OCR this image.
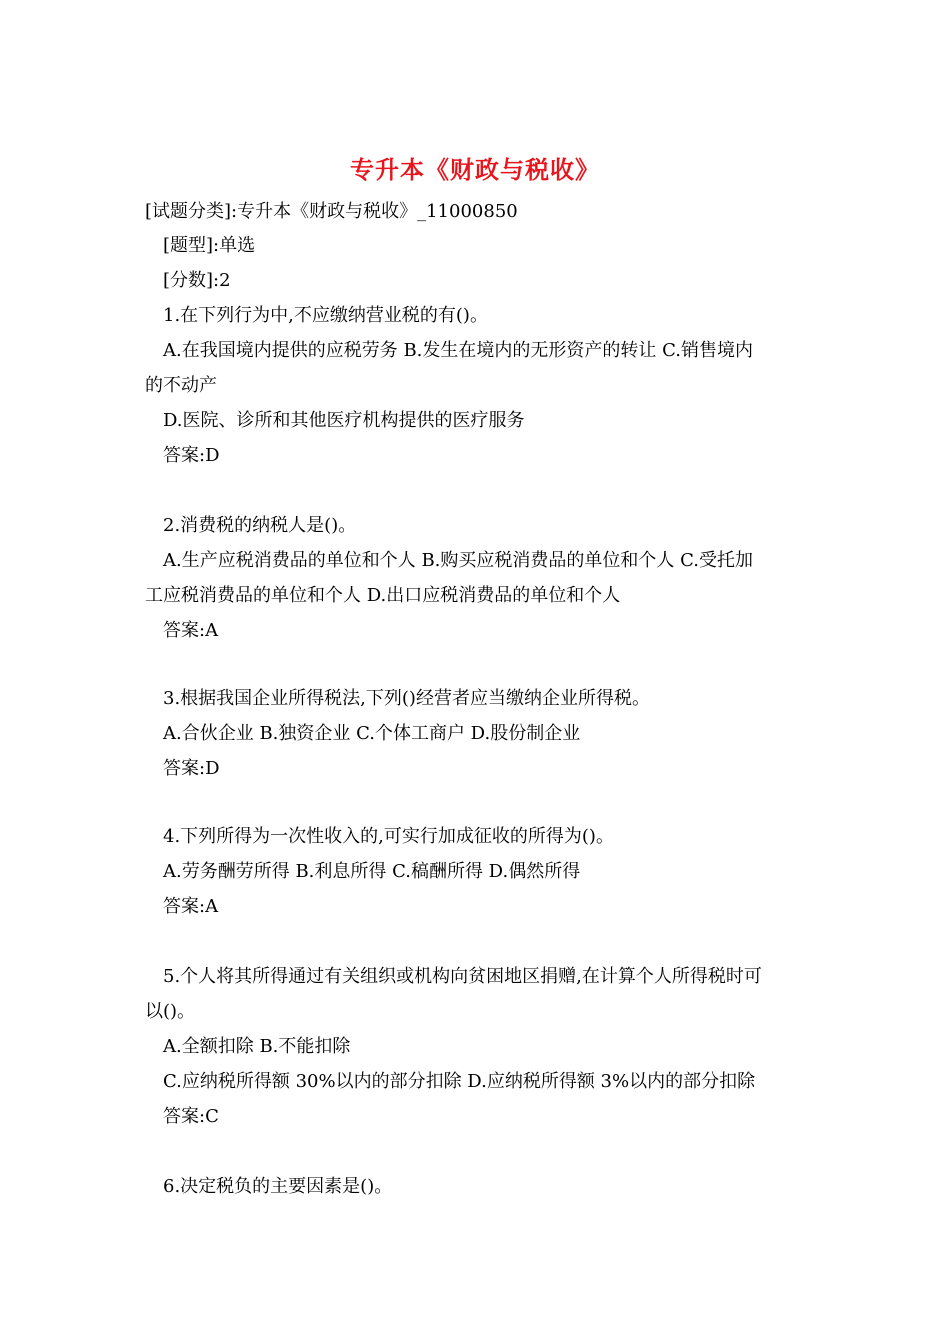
专升本《财政与税收》
[试题分类]:专升本《财政与税收》_11000850
[题型]:单选
[分数]:2
1.在下列行为中,不应缴纳营业税的有()。
A.在我国境内提供的应税劳务 B.发生在境内的无形资产的转让 C.销售境内
的不动产
D.医院、诊所和其他医疗机构提供的医疗服务
答案:D
2.消费税的纳税人是()。
A.生产应税消费品的单位和个人 B.购买应税消费品的单位和个人 C.受托加
工应税消费品的单位和个人 D.出口应税消费品的单位和个人
答案:A
3.根据我国企业所得税法,下列()经营者应当缴纳企业所得税。
A.合伙企业 B.独资企业 C.个体工商户 D.股份制企业
答案:D
4.下列所得为一次性收入的,可实行加成征收的所得为()。
A.劳务酬劳所得 B.利息所得 C.稿酬所得 D.偶然所得
答案:A
5.个人将其所得通过有关组织或机构向贫困地区捐赠,在计算个人所得税时可
以()。
A.全额扣除 B.不能扣除
C.应纳税所得额 30%以内的部分扣除 D.应纳税所得额 3%以内的部分扣除
答案:C
6.决定税负的主要因素是()。
